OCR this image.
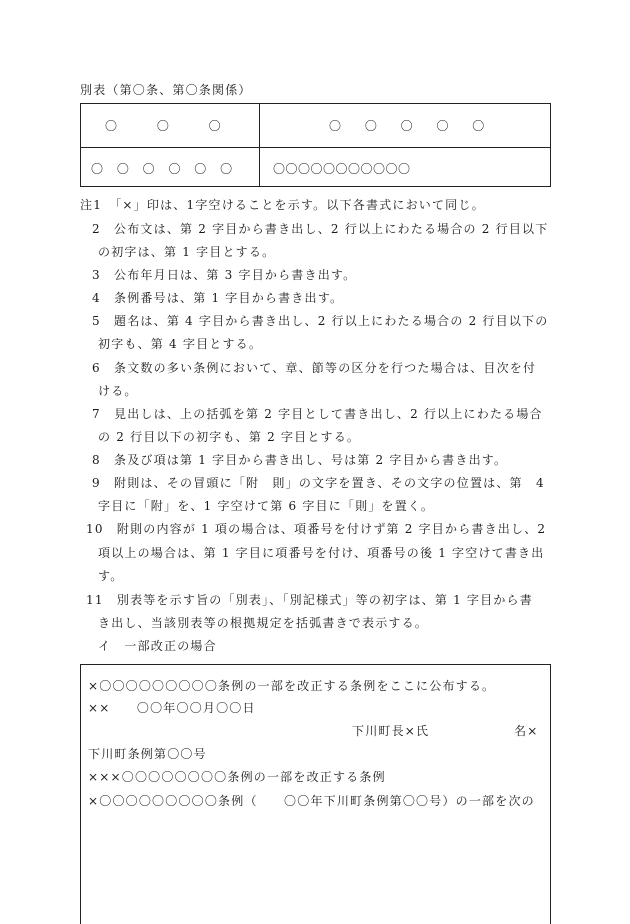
別表（第〇条、第〇条関係）
〇 〇 〇	〇 〇 〇 〇 〇
〇 〇 〇 〇 〇 〇	〇〇〇〇〇〇〇〇〇〇〇
注1　「×」印は、1字空けることを示す。以下各書式において同じ。
2　公布文は、第 2 字目から書き出し、2 行以上にわたる場合の 2 行目以下
の初字は、第 1 字目とする。
3　公布年月日は、第 3 字目から書き出す。
4　条例番号は、第 1 字目から書き出す。
5　題名は、第 4 字目から書き出し、2 行以上にわたる場合の 2 行目以下の
初字も、第 4 字目とする。
6　条文数の多い条例において、章、節等の区分を行つた場合は、目次を付
ける。
7　見出しは、上の括弧を第 2 字目として書き出し、2 行以上にわたる場合
の 2 行目以下の初字も、第 2 字目とする。
8　条及び項は第 1 字目から書き出し、号は第 2 字目から書き出す。
9　附則は、その冒頭に「附　則」の文字を置き、その文字の位置は、第　4
字目に「附」を、1 字空けて第 6 字目に「則」を置く。
10　附則の内容が 1 項の場合は、項番号を付けず第 2 字目から書き出し、2
項以上の場合は、第 1 字目に項番号を付け、項番号の後 1 字空けて書き出
す。
11　別表等を示す旨の「別表」、「別記様式」等の初字は、第 1 字目から書
き出し、当該別表等の根拠規定を括弧書きで表示する。
イ　一部改正の場合
×〇〇〇〇〇〇〇〇〇条例の一部を改正する条例をここに公布する。
××　　〇〇年〇〇月〇〇日
下川町長×氏	名×
下川町条例第〇〇号
×××〇〇〇〇〇〇〇〇条例の一部を改正する条例
×〇〇〇〇〇〇〇〇〇条例（　　〇〇年下川町条例第〇〇号）の一部を次の
